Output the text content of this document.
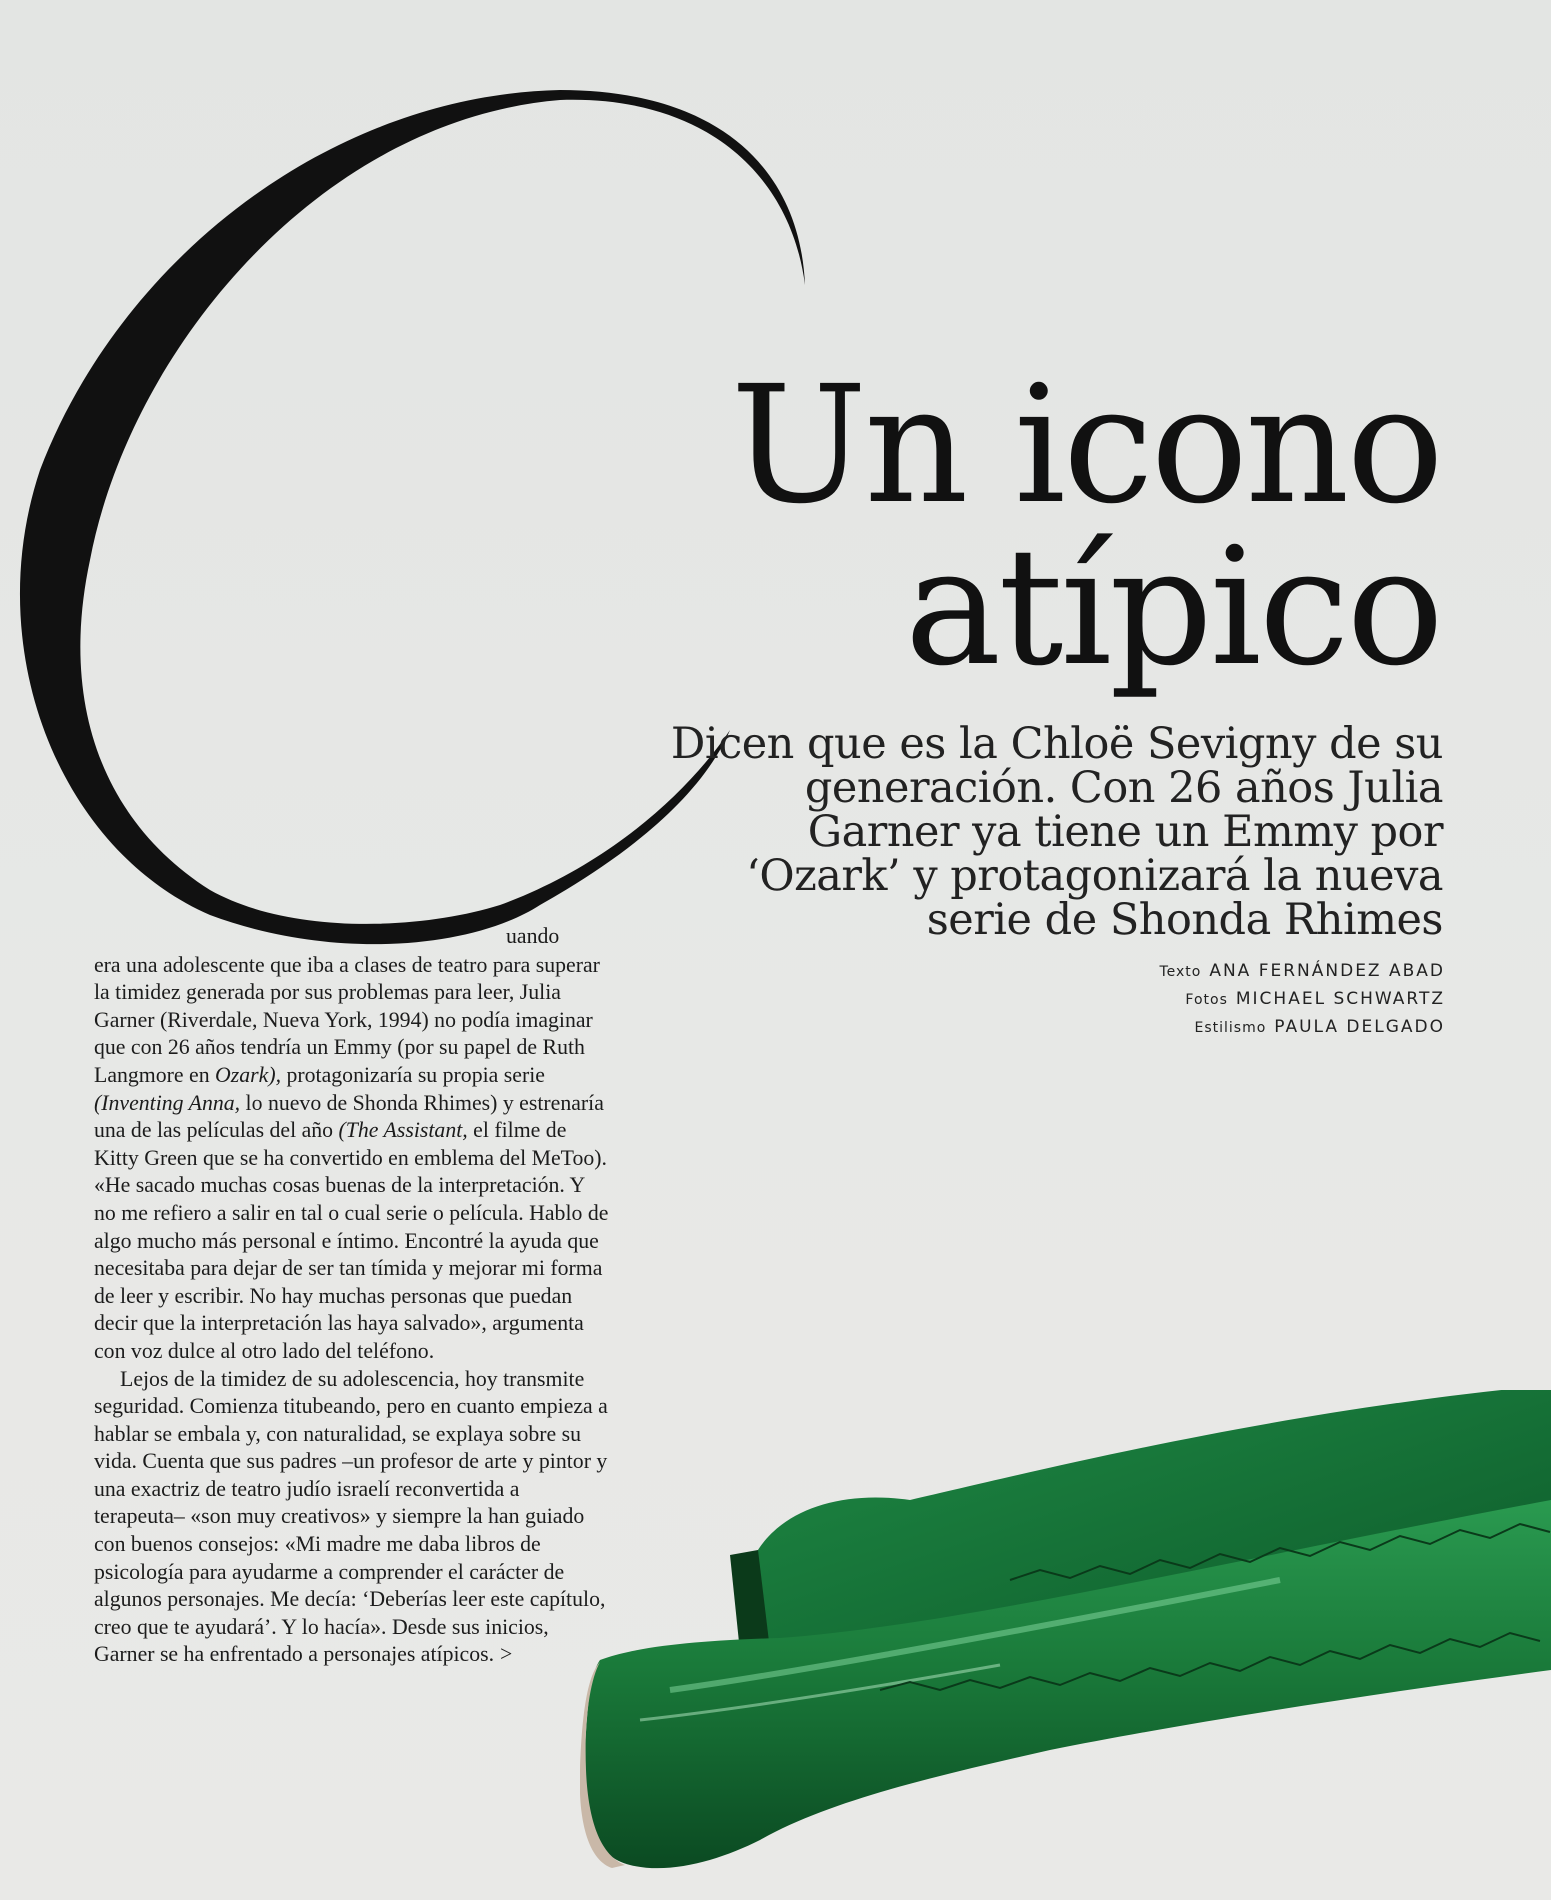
Un icono
atípico

Dicen que es la Chloë Sevigny de su generación. Con 26 años Julia Garner ya tiene un Emmy por ‘Ozark’ y protagonizará la nueva serie de Shonda Rhimes

Texto ANA FERNÁNDEZ ABAD
Fotos MICHAEL SCHWARTZ
Estilismo PAULA DELGADO
uando

era una adolescente que iba a clases de teatro para superar la timidez generada por sus problemas para leer, Julia Garner (Riverdale, Nueva York, 1994) no podía imaginar que con 26 años tendría un Emmy (por su papel de Ruth Langmore en Ozark), protagonizaría su propia serie (Inventing Anna, lo nuevo de Shonda Rhimes) y estrenaría una de las películas del año (The Assistant, el filme de Kitty Green que se ha convertido en emblema del MeToo). «He sacado muchas cosas buenas de la interpretación. Y no me refiero a salir en tal o cual serie o película. Hablo de algo mucho más personal e íntimo. Encontré la ayuda que necesitaba para dejar de ser tan tímida y mejorar mi forma de leer y escribir. No hay muchas personas que puedan decir que la interpretación las haya salvado», argumenta con voz dulce al otro lado del teléfono.

Lejos de la timidez de su adolescencia, hoy transmite seguridad. Comienza titubeando, pero en cuanto empieza a hablar se embala y, con naturalidad, se explaya sobre su vida. Cuenta que sus padres –un profesor de arte y pintor y una exactriz de teatro judío israelí reconvertida a terapeuta– «son muy creativos» y siempre la han guiado con buenos consejos: «Mi madre me daba libros de psicología para ayudarme a comprender el carácter de algunos personajes. Me decía: ‘Deberías leer este capítulo, creo que te ayudará’. Y lo hacía». Desde sus inicios, Garner se ha enfrentado a personajes atípicos. >
